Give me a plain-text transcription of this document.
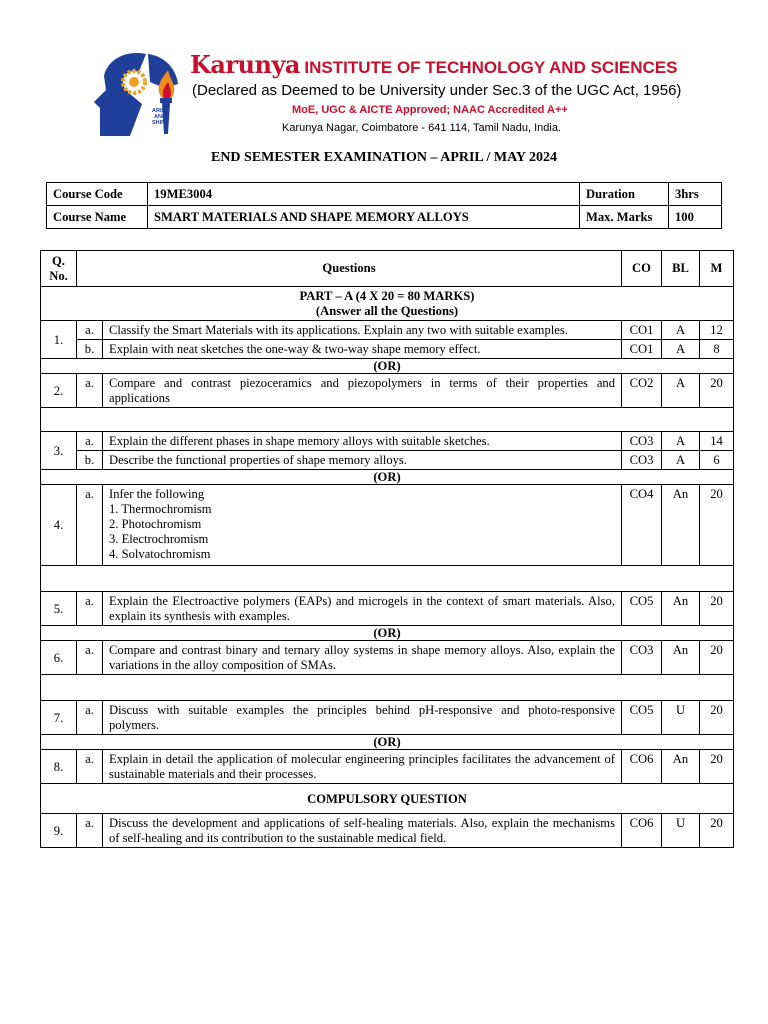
ARISE
AND
SHINE
Karunya INSTITUTE OF TECHNOLOGY AND SCIENCES
(Declared as Deemed to be University under Sec.3 of the UGC Act, 1956)
MoE, UGC & AICTE Approved; NAAC Accredited A++
Karunya Nagar, Coimbatore - 641 114, Tamil Nadu, India.
END SEMESTER EXAMINATION – APRIL / MAY 2024
Course Code	19ME3004	Duration	3hrs
Course Name	SMART MATERIALS AND SHAPE MEMORY ALLOYS	Max. Marks	100
Q. No.	Questions		CO	BL	M

PART – A (4 X 20 = 80 MARKS)
(Answer all the Questions)					

1.	a.	Classify the Smart Materials with its applications. Explain any two with suitable examples.	CO1	A	12
	b.	Explain with neat sketches the one-way & two-way shape memory effect.	CO1	A	8
(OR)					
2.	a.	Compare and contrast piezoceramics and piezopolymers in terms of their properties and applications	CO2	A	20

3.	a.	Explain the different phases in shape memory alloys with suitable sketches.	CO3	A	14
	b.	Describe the functional properties of shape memory alloys.	CO3	A	6
(OR)					
4.	a.	Infer the following
1. Thermochromism
2. Photochromism
3. Electrochromism
4. Solvatochromism	CO4	An	20

5.	a.	Explain the Electroactive polymers (EAPs) and microgels in the context of smart materials. Also, explain its synthesis with examples.	CO5	An	20
(OR)					
6.	a.	Compare and contrast binary and ternary alloy systems in shape memory alloys. Also, explain the variations in the alloy composition of SMAs.	CO3	An	20

7.	a.	Discuss with suitable examples the principles behind pH-responsive and photo-responsive polymers.	CO5	U	20
(OR)					
8.	a.	Explain in detail the application of molecular engineering principles facilitates the advancement of sustainable materials and their processes.	CO6	An	20
COMPULSORY QUESTION					
9.	a.	Discuss the development and applications of self-healing materials. Also, explain the mechanisms of self-healing and its contribution to the sustainable medical field.	CO6	U	20
